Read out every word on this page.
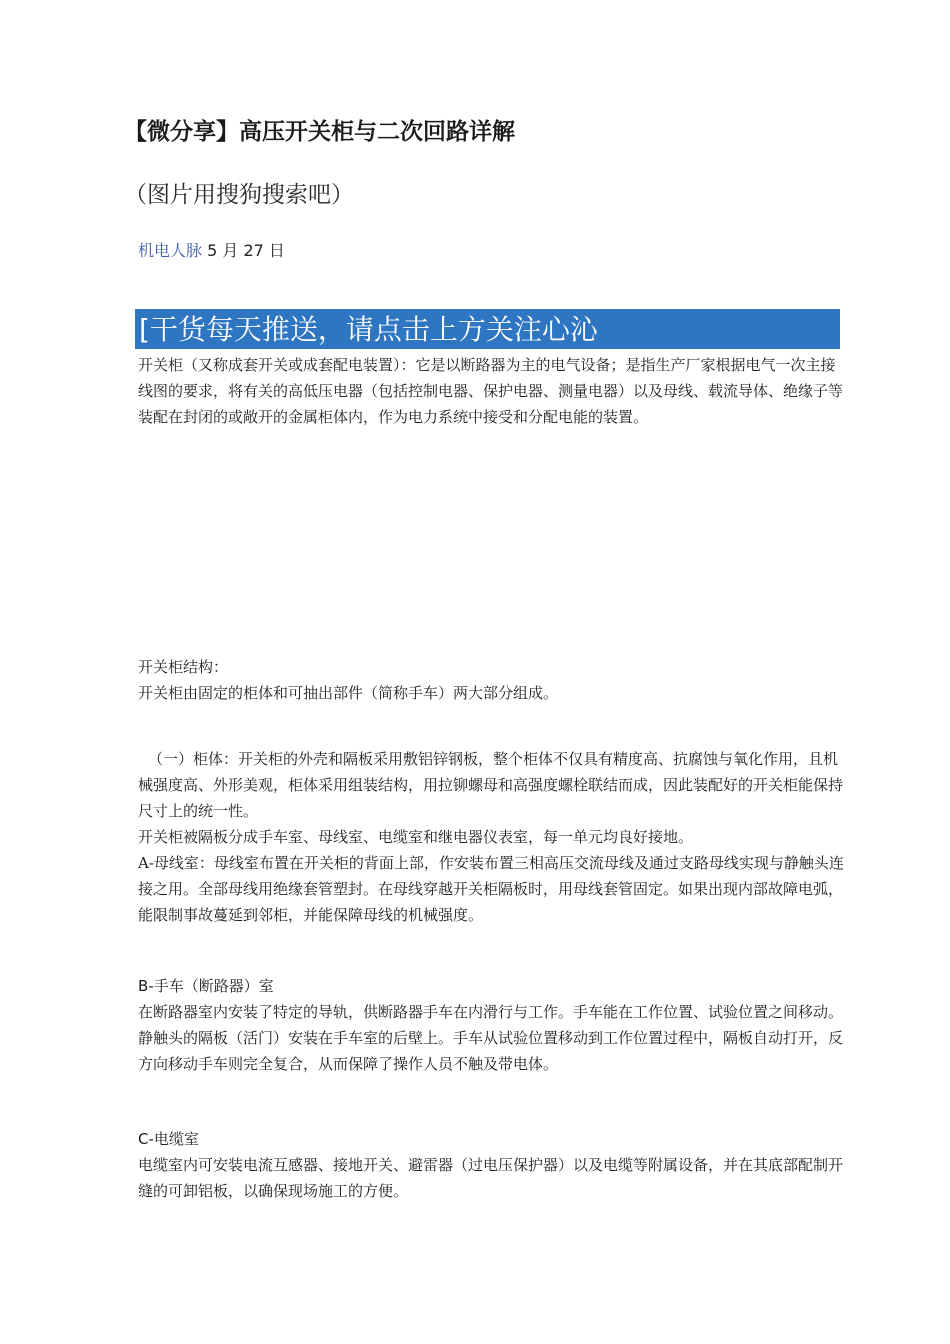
【微分享】高压开关柜与二次回路详解
（图片用搜狗搜索吧）
机电人脉 5 月 27 日
[干货每天推送，请点击上方关注心沁

开关柜（又称成套开关或成套配电装置）：它是以断路器为主的电气设备；是指生产厂家根据电气一次主接线图的要求，将有关的高低压电器（包括控制电器、保护电器、测量电器）以及母线、载流导体、绝缘子等装配在封闭的或敞开的金属柜体内，作为电力系统中接受和分配电能的装置。

开关柜结构：

开关柜由固定的柜体和可抽出部件（简称手车）两大部分组成。

（一）柜体：开关柜的外壳和隔板采用敷铝锌钢板，整个柜体不仅具有精度高、抗腐蚀与氧化作用，且机械强度高、外形美观，柜体采用组装结构，用拉铆螺母和高强度螺栓联结而成，因此装配好的开关柜能保持尺寸上的统一性。

开关柜被隔板分成手车室、母线室、电缆室和继电器仪表室，每一单元均良好接地。

A-母线室：母线室布置在开关柜的背面上部，作安装布置三相高压交流母线及通过支路母线实现与静触头连接之用。全部母线用绝缘套管塑封。在母线穿越开关柜隔板时，用母线套管固定。如果出现内部故障电弧，能限制事故蔓延到邻柜，并能保障母线的机械强度。

B-手车（断路器）室

在断路器室内安装了特定的导轨，供断路器手车在内滑行与工作。手车能在工作位置、试验位置之间移动。静触头的隔板（活门）安装在手车室的后壁上。手车从试验位置移动到工作位置过程中，隔板自动打开，反方向移动手车则完全复合，从而保障了操作人员不触及带电体。

C-电缆室

电缆室内可安装电流互感器、接地开关、避雷器（过电压保护器）以及电缆等附属设备，并在其底部配制开缝的可卸铝板，以确保现场施工的方便。
